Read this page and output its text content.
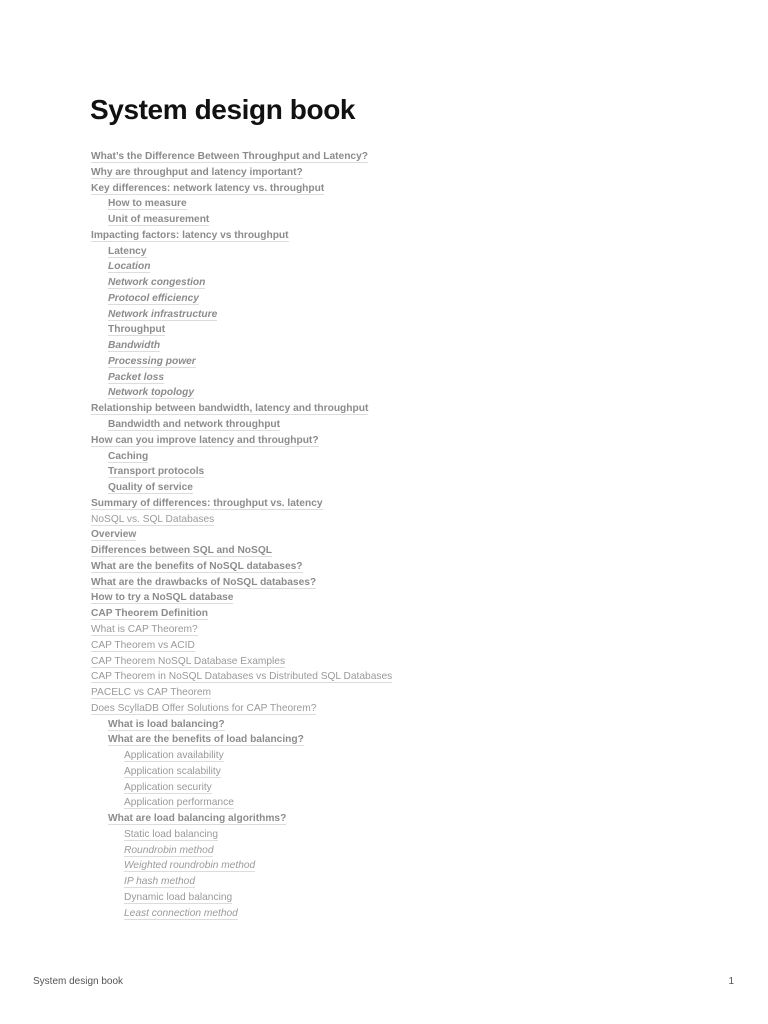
System design book
What’s the Difference Between Throughput and Latency?
Why are throughput and latency important?
Key differences: network latency vs. throughput
How to measure
Unit of measurement
Impacting factors: latency vs throughput
Latency
Location
Network congestion
Protocol efficiency
Network infrastructure
Throughput
Bandwidth
Processing power
Packet loss
Network topology
Relationship between bandwidth, latency and throughput
Bandwidth and network throughput
How can you improve latency and throughput?
Caching
Transport protocols
Quality of service
Summary of differences: throughput vs. latency
NoSQL vs. SQL Databases
Overview
Differences between SQL and NoSQL
What are the benefits of NoSQL databases?
What are the drawbacks of NoSQL databases?
How to try a NoSQL database
CAP Theorem Definition
What is CAP Theorem?
CAP Theorem vs ACID
CAP Theorem NoSQL Database Examples
CAP Theorem in NoSQL Databases vs Distributed SQL Databases
PACELC vs CAP Theorem
Does ScyllaDB Offer Solutions for CAP Theorem?
What is load balancing?
What are the benefits of load balancing?
Application availability
Application scalability
Application security
Application performance
What are load balancing algorithms?
Static load balancing
Roundrobin method
Weighted roundrobin method
IP hash method
Dynamic load balancing
Least connection method
System design book	1
